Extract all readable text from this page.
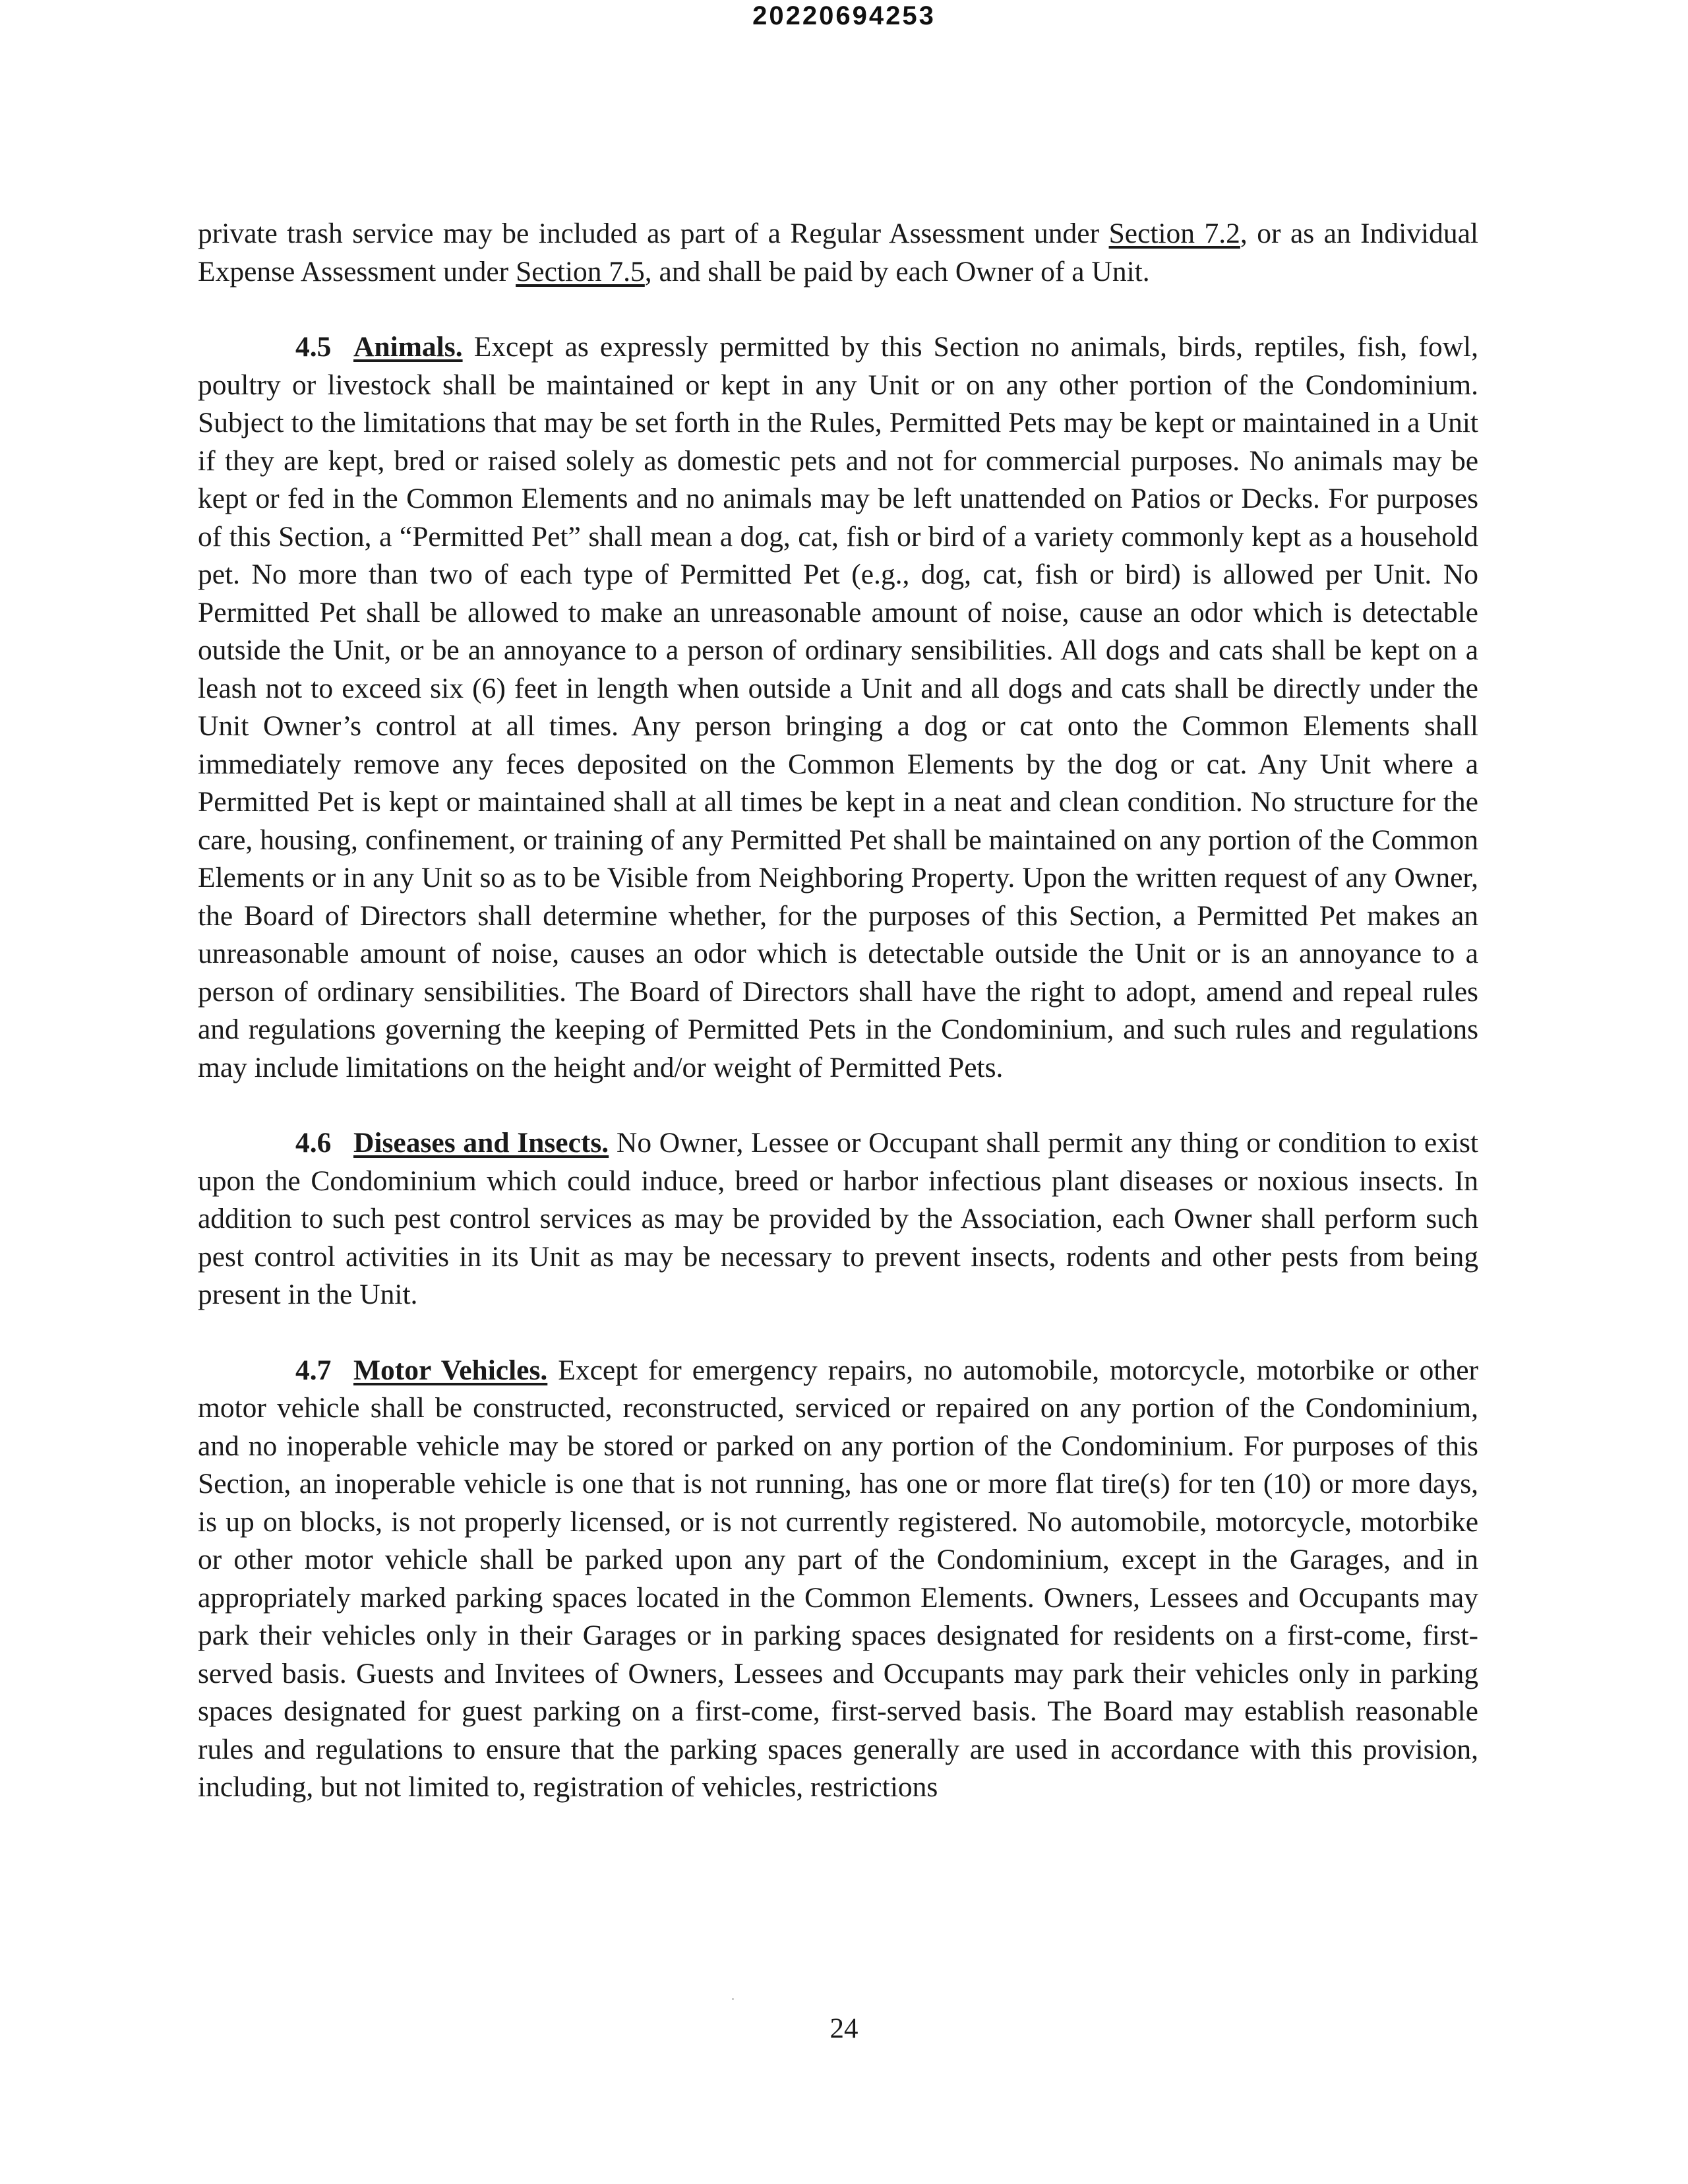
20220694253

private trash service may be included as part of a Regular Assessment under Section 7.2, or as an Individual Expense Assessment under Section 7.5, and shall be paid by each Owner of a Unit.

4.5 Animals. Except as expressly permitted by this Section no animals, birds, reptiles, fish, fowl, poultry or livestock shall be maintained or kept in any Unit or on any other portion of the Condominium. Subject to the limitations that may be set forth in the Rules, Permitted Pets may be kept or maintained in a Unit if they are kept, bred or raised solely as domestic pets and not for commercial purposes. No animals may be kept or fed in the Common Elements and no animals may be left unattended on Patios or Decks. For purposes of this Section, a “Permitted Pet” shall mean a dog, cat, fish or bird of a variety commonly kept as a household pet. No more than two of each type of Permitted Pet (e.g., dog, cat, fish or bird) is allowed per Unit. No Permitted Pet shall be allowed to make an unreasonable amount of noise, cause an odor which is detectable outside the Unit, or be an annoyance to a person of ordinary sensibilities. All dogs and cats shall be kept on a leash not to exceed six (6) feet in length when outside a Unit and all dogs and cats shall be directly under the Unit Owner’s control at all times. Any person bringing a dog or cat onto the Common Elements shall immediately remove any feces deposited on the Common Elements by the dog or cat. Any Unit where a Permitted Pet is kept or maintained shall at all times be kept in a neat and clean condition. No structure for the care, housing, confinement, or training of any Permitted Pet shall be maintained on any portion of the Common Elements or in any Unit so as to be Visible from Neighboring Property. Upon the written request of any Owner, the Board of Directors shall determine whether, for the purposes of this Section, a Permitted Pet makes an unreasonable amount of noise, causes an odor which is detectable outside the Unit or is an annoyance to a person of ordinary sensibilities. The Board of Directors shall have the right to adopt, amend and repeal rules and regulations governing the keeping of Permitted Pets in the Condominium, and such rules and regulations may include limitations on the height and/or weight of Permitted Pets.

4.6 Diseases and Insects. No Owner, Lessee or Occupant shall permit any thing or condition to exist upon the Condominium which could induce, breed or harbor infectious plant diseases or noxious insects. In addition to such pest control services as may be provided by the Association, each Owner shall perform such pest control activities in its Unit as may be necessary to prevent insects, rodents and other pests from being present in the Unit.

4.7 Motor Vehicles. Except for emergency repairs, no automobile, motorcycle, motorbike or other motor vehicle shall be constructed, reconstructed, serviced or repaired on any portion of the Condominium, and no inoperable vehicle may be stored or parked on any portion of the Condominium. For purposes of this Section, an inoperable vehicle is one that is not running, has one or more flat tire(s) for ten (10) or more days, is up on blocks, is not properly licensed, or is not currently registered. No automobile, motorcycle, motorbike or other motor vehicle shall be parked upon any part of the Condominium, except in the Garages, and in appropriately marked parking spaces located in the Common Elements. Owners, Lessees and Occupants may park their vehicles only in their Garages or in parking spaces designated for residents on a first-come, first-served basis. Guests and Invitees of Owners, Lessees and Occupants may park their vehicles only in parking spaces designated for guest parking on a first-come, first-served basis. The Board may establish reasonable rules and regulations to ensure that the parking spaces generally are used in accordance with this provision, including, but not limited to, registration of vehicles, restrictions

24
